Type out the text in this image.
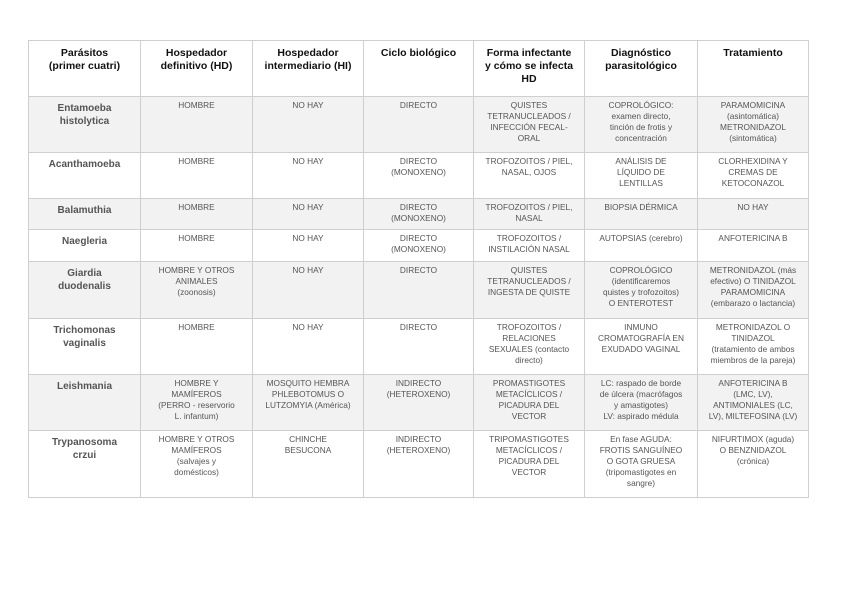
Parásitos
(primer cuatri)	Hospedador
definitivo (HD)	Hospedador
intermediario (HI)	Ciclo biológico	Forma infectante
y cómo se infecta
HD	Diagnóstico
parasitológico	Tratamiento
Entamoeba
histolytica	HOMBRE	NO HAY	DIRECTO	QUISTES
TETRANUCLEADOS /
INFECCIÓN FECAL-
ORAL	COPROLÓGICO:
examen directo,
tinción de frotis y
concentración	PARAMOMICINA
(asintomática)
METRONIDAZOL
(sintomática)
Acanthamoeba	HOMBRE	NO HAY	DIRECTO
(MONOXENO)	TROFOZOITOS / PIEL,
NASAL, OJOS	ANÁLISIS DE
LÍQUIDO DE
LENTILLAS	CLORHEXIDINA Y
CREMAS DE
KETOCONAZOL
Balamuthia	HOMBRE	NO HAY	DIRECTO
(MONOXENO)	TROFOZOITOS / PIEL,
NASAL	BIOPSIA DÉRMICA	NO HAY
Naegleria	HOMBRE	NO HAY	DIRECTO
(MONOXENO)	TROFOZOITOS /
INSTILACIÓN NASAL	AUTOPSIAS (cerebro)	ANFOTERICINA B
Giardia
duodenalis	HOMBRE Y OTROS
ANIMALES
(zoonosis)	NO HAY	DIRECTO	QUISTES
TETRANUCLEADOS /
INGESTA DE QUISTE	COPROLÓGICO
(identificaremos
quistes y trofozoitos)
O ENTEROTEST	METRONIDAZOL (más
efectivo) O TINIDAZOL
PARAMOMICINA
(embarazo o lactancia)
Trichomonas
vaginalis	HOMBRE	NO HAY	DIRECTO	TROFOZOITOS /
RELACIONES
SEXUALES (contacto
directo)	INMUNO
CROMATOGRAFÍA EN
EXUDADO VAGINAL	METRONIDAZOL O
TINIDAZOL
(tratamiento de ambos
miembros de la pareja)
Leishmania	HOMBRE Y
MAMÍFEROS
(PERRO - reservorio
L. infantum)	MOSQUITO HEMBRA
PHLEBOTOMUS O
LUTZOMYIA (América)	INDIRECTO
(HETEROXENO)	PROMASTIGOTES
METACÍCLICOS /
PICADURA DEL
VECTOR	LC: raspado de borde
de úlcera (macrófagos
y amastigotes)
LV: aspirado médula	ANFOTERICINA B
(LMC, LV),
ANTIMONIALES (LC,
LV), MILTEFOSINA (LV)
Trypanosoma
crzui	HOMBRE Y OTROS
MAMÍFEROS
(salvajes y
domésticos)	CHINCHE
BESUCONA	INDIRECTO
(HETEROXENO)	TRIPOMASTIGOTES
METACÍCLICOS /
PICADURA DEL
VECTOR	En fase AGUDA:
FROTIS SANGUÍNEO
O GOTA GRUESA
(tripomastigotes en
sangre)	NIFURTIMOX (aguda)
O BENZNIDAZOL
(crónica)
